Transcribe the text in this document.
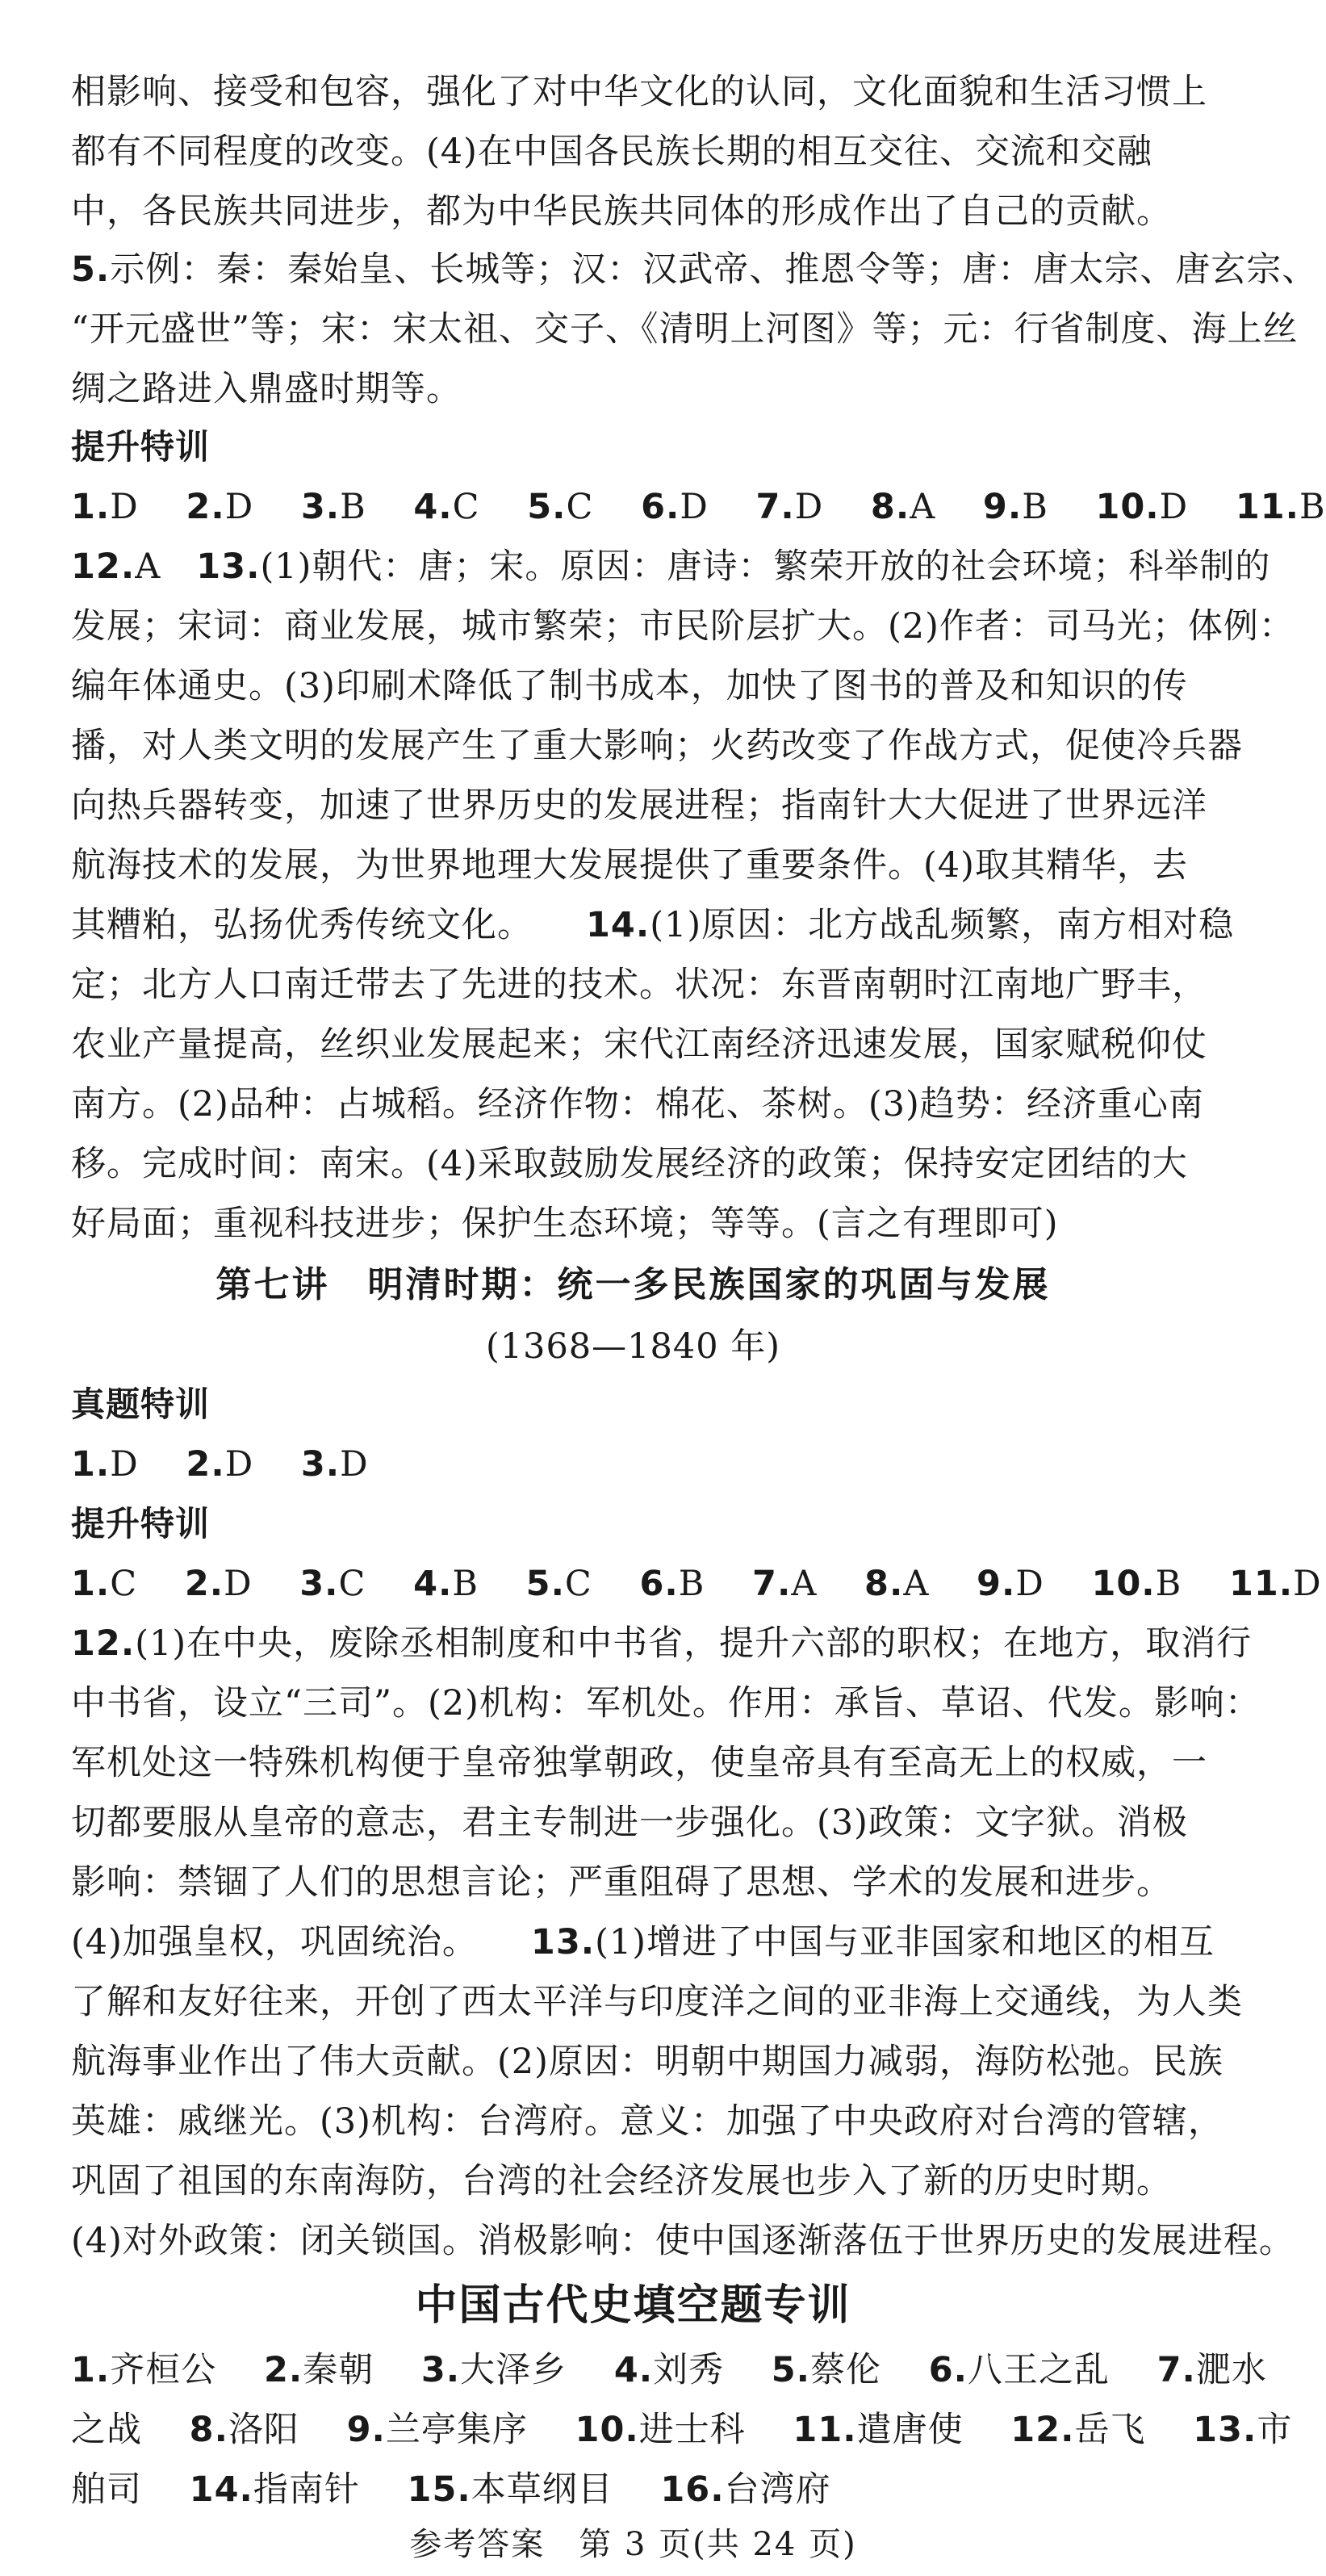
相影响、接受和包容，强化了对中华文化的认同，文化面貌和生活习惯上
都有不同程度的改变。(4)在中国各民族长期的相互交往、交流和交融
中，各民族共同进步，都为中华民族共同体的形成作出了自己的贡献。
5.示例：秦：秦始皇、长城等；汉：汉武帝、推恩令等；唐：唐太宗、唐玄宗、
“开元盛世”等；宋：宋太祖、交子、《清明上河图》等；元：行省制度、海上丝
绸之路进入鼎盛时期等。
提升特训
1.D 2.D 3.B 4.C 5.C 6.D 7.D 8.A 9.B 10.D 11.B
12.A 13.(1)朝代：唐；宋。原因：唐诗：繁荣开放的社会环境；科举制的
发展；宋词：商业发展，城市繁荣；市民阶层扩大。(2)作者：司马光；体例：
编年体通史。(3)印刷术降低了制书成本，加快了图书的普及和知识的传
播，对人类文明的发展产生了重大影响；火药改变了作战方式，促使冷兵器
向热兵器转变，加速了世界历史的发展进程；指南针大大促进了世界远洋
航海技术的发展，为世界地理大发展提供了重要条件。(4)取其精华，去
其糟粕，弘扬优秀传统文化。 14.(1)原因：北方战乱频繁，南方相对稳
定；北方人口南迁带去了先进的技术。状况：东晋南朝时江南地广野丰，
农业产量提高，丝织业发展起来；宋代江南经济迅速发展，国家赋税仰仗
南方。(2)品种：占城稻。经济作物：棉花、茶树。(3)趋势：经济重心南
移。完成时间：南宋。(4)采取鼓励发展经济的政策；保持安定团结的大
好局面；重视科技进步；保护生态环境；等等。(言之有理即可)
第七讲　明清时期：统一多民族国家的巩固与发展
(1368—1840 年)
真题特训
1.D 2.D 3.D
提升特训
1.C 2.D 3.C 4.B 5.C 6.B 7.A 8.A 9.D 10.B 11.D
12.(1)在中央，废除丞相制度和中书省，提升六部的职权；在地方，取消行
中书省，设立“三司”。(2)机构：军机处。作用：承旨、草诏、代发。影响：
军机处这一特殊机构便于皇帝独掌朝政，使皇帝具有至高无上的权威，一
切都要服从皇帝的意志，君主专制进一步强化。(3)政策：文字狱。消极
影响：禁锢了人们的思想言论；严重阻碍了思想、学术的发展和进步。
(4)加强皇权，巩固统治。 13.(1)增进了中国与亚非国家和地区的相互
了解和友好往来，开创了西太平洋与印度洋之间的亚非海上交通线，为人类
航海事业作出了伟大贡献。(2)原因：明朝中期国力减弱，海防松弛。民族
英雄：戚继光。(3)机构：台湾府。意义：加强了中央政府对台湾的管辖，
巩固了祖国的东南海防，台湾的社会经济发展也步入了新的历史时期。
(4)对外政策：闭关锁国。消极影响：使中国逐渐落伍于世界历史的发展进程。
中国古代史填空题专训
1.齐桓公 2.秦朝 3.大泽乡 4.刘秀 5.蔡伦 6.八王之乱 7.淝水
之战 8.洛阳 9.兰亭集序 10.进士科 11.遣唐使 12.岳飞 13.市
舶司 14.指南针 15.本草纲目 16.台湾府
参考答案　第 3 页(共 24 页)
